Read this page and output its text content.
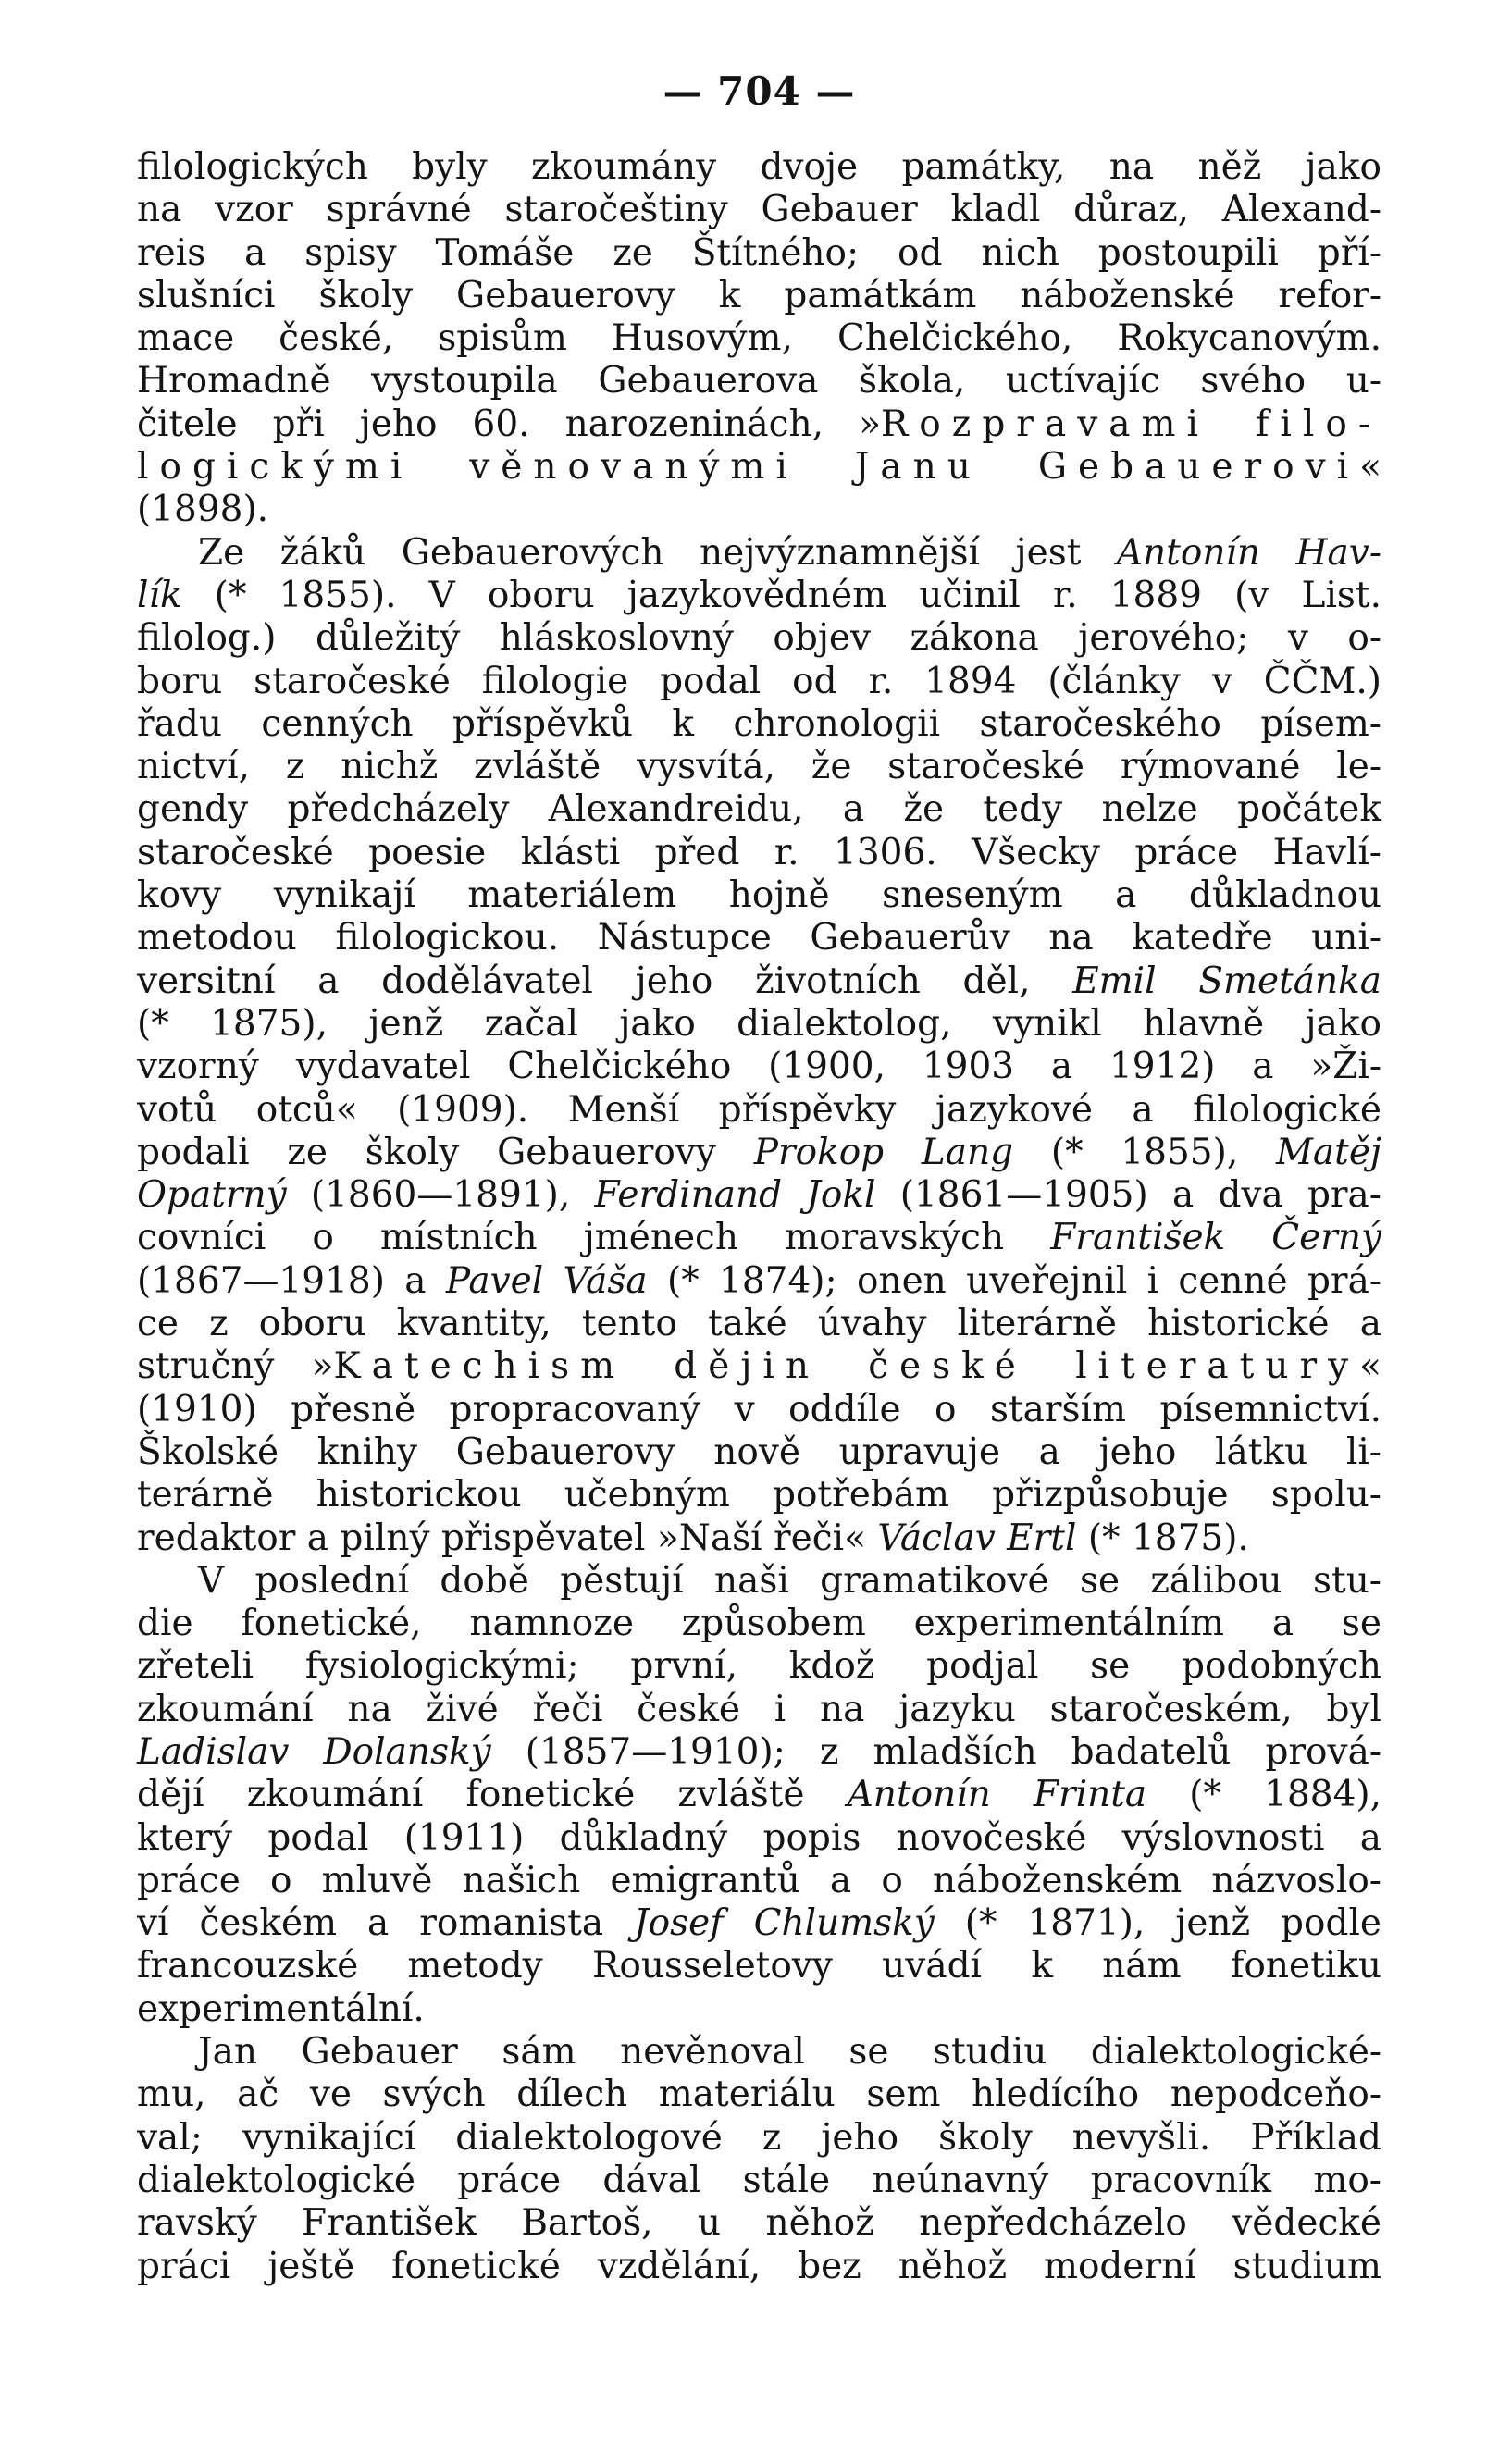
— 704 —
filologických byly zkoumány dvoje památky, na něž jako
na vzor správné staročeštiny Gebauer kladl důraz, Alexand-
reis a spisy Tomáše ze Štítného; od nich postoupili pří-
slušníci školy Gebauerovy k památkám náboženské refor-
mace české, spisům Husovým, Chelčického, Rokycanovým.
Hromadně vystoupila Gebauerova škola, uctívajíc svého u-
čitele při jeho 60. narozeninách, »Rozpravami filo-
logickými věnovanými Janu Gebauerovi«
(1898).
Ze žáků Gebauerových nejvýznamnější jest Antonín Hav-
lík (* 1855). V oboru jazykovědném učinil r. 1889 (v List.
filolog.) důležitý hláskoslovný objev zákona jerového; v o-
boru staročeské filologie podal od r. 1894 (články v ČČM.)
řadu cenných příspěvků k chronologii staročeského písem-
nictví, z nichž zvláště vysvítá, že staročeské rýmované le-
gendy předcházely Alexandreidu, a že tedy nelze počátek
staročeské poesie klásti před r. 1306. Všecky práce Havlí-
kovy vynikají materiálem hojně sneseným a důkladnou
metodou filologickou. Nástupce Gebauerův na katedře uni-
versitní a dodělávatel jeho životních děl, Emil Smetánka
(* 1875), jenž začal jako dialektolog, vynikl hlavně jako
vzorný vydavatel Chelčického (1900, 1903 a 1912) a »Ži-
votů otců« (1909). Menší příspěvky jazykové a filologické
podali ze školy Gebauerovy Prokop Lang (* 1855), Matěj
Opatrný (1860—1891), Ferdinand Jokl (1861—1905) a dva pra-
covníci o místních jménech moravských František Černý
(1867—1918) a Pavel Váša (* 1874); onen uveřejnil i cenné prá-
ce z oboru kvantity, tento také úvahy literárně historické a
stručný »Katechism dějin české literatury«
(1910) přesně propracovaný v oddíle o starším písemnictví.
Školské knihy Gebauerovy nově upravuje a jeho látku li-
terárně historickou učebným potřebám přizpůsobuje spolu-
redaktor a pilný přispěvatel »Naší řeči« Václav Ertl (* 1875).
V poslední době pěstují naši gramatikové se zálibou stu-
die fonetické, namnoze způsobem experimentálním a se
zřeteli fysiologickými; první, kdož podjal se podobných
zkoumání na živé řeči české i na jazyku staročeském, byl
Ladislav Dolanský (1857—1910); z mladších badatelů prová-
dějí zkoumání fonetické zvláště Antonín Frinta (* 1884),
který podal (1911) důkladný popis novočeské výslovnosti a
práce o mluvě našich emigrantů a o náboženském názvoslo-
ví českém a romanista Josef Chlumský (* 1871), jenž podle
francouzské metody Rousseletovy uvádí k nám fonetiku
experimentální.
Jan Gebauer sám nevěnoval se studiu dialektologické-
mu, ač ve svých dílech materiálu sem hledícího nepodceňo-
val; vynikající dialektologové z jeho školy nevyšli. Příklad
dialektologické práce dával stále neúnavný pracovník mo-
ravský František Bartoš, u něhož nepředcházelo vědecké
práci ještě fonetické vzdělání, bez něhož moderní studium
